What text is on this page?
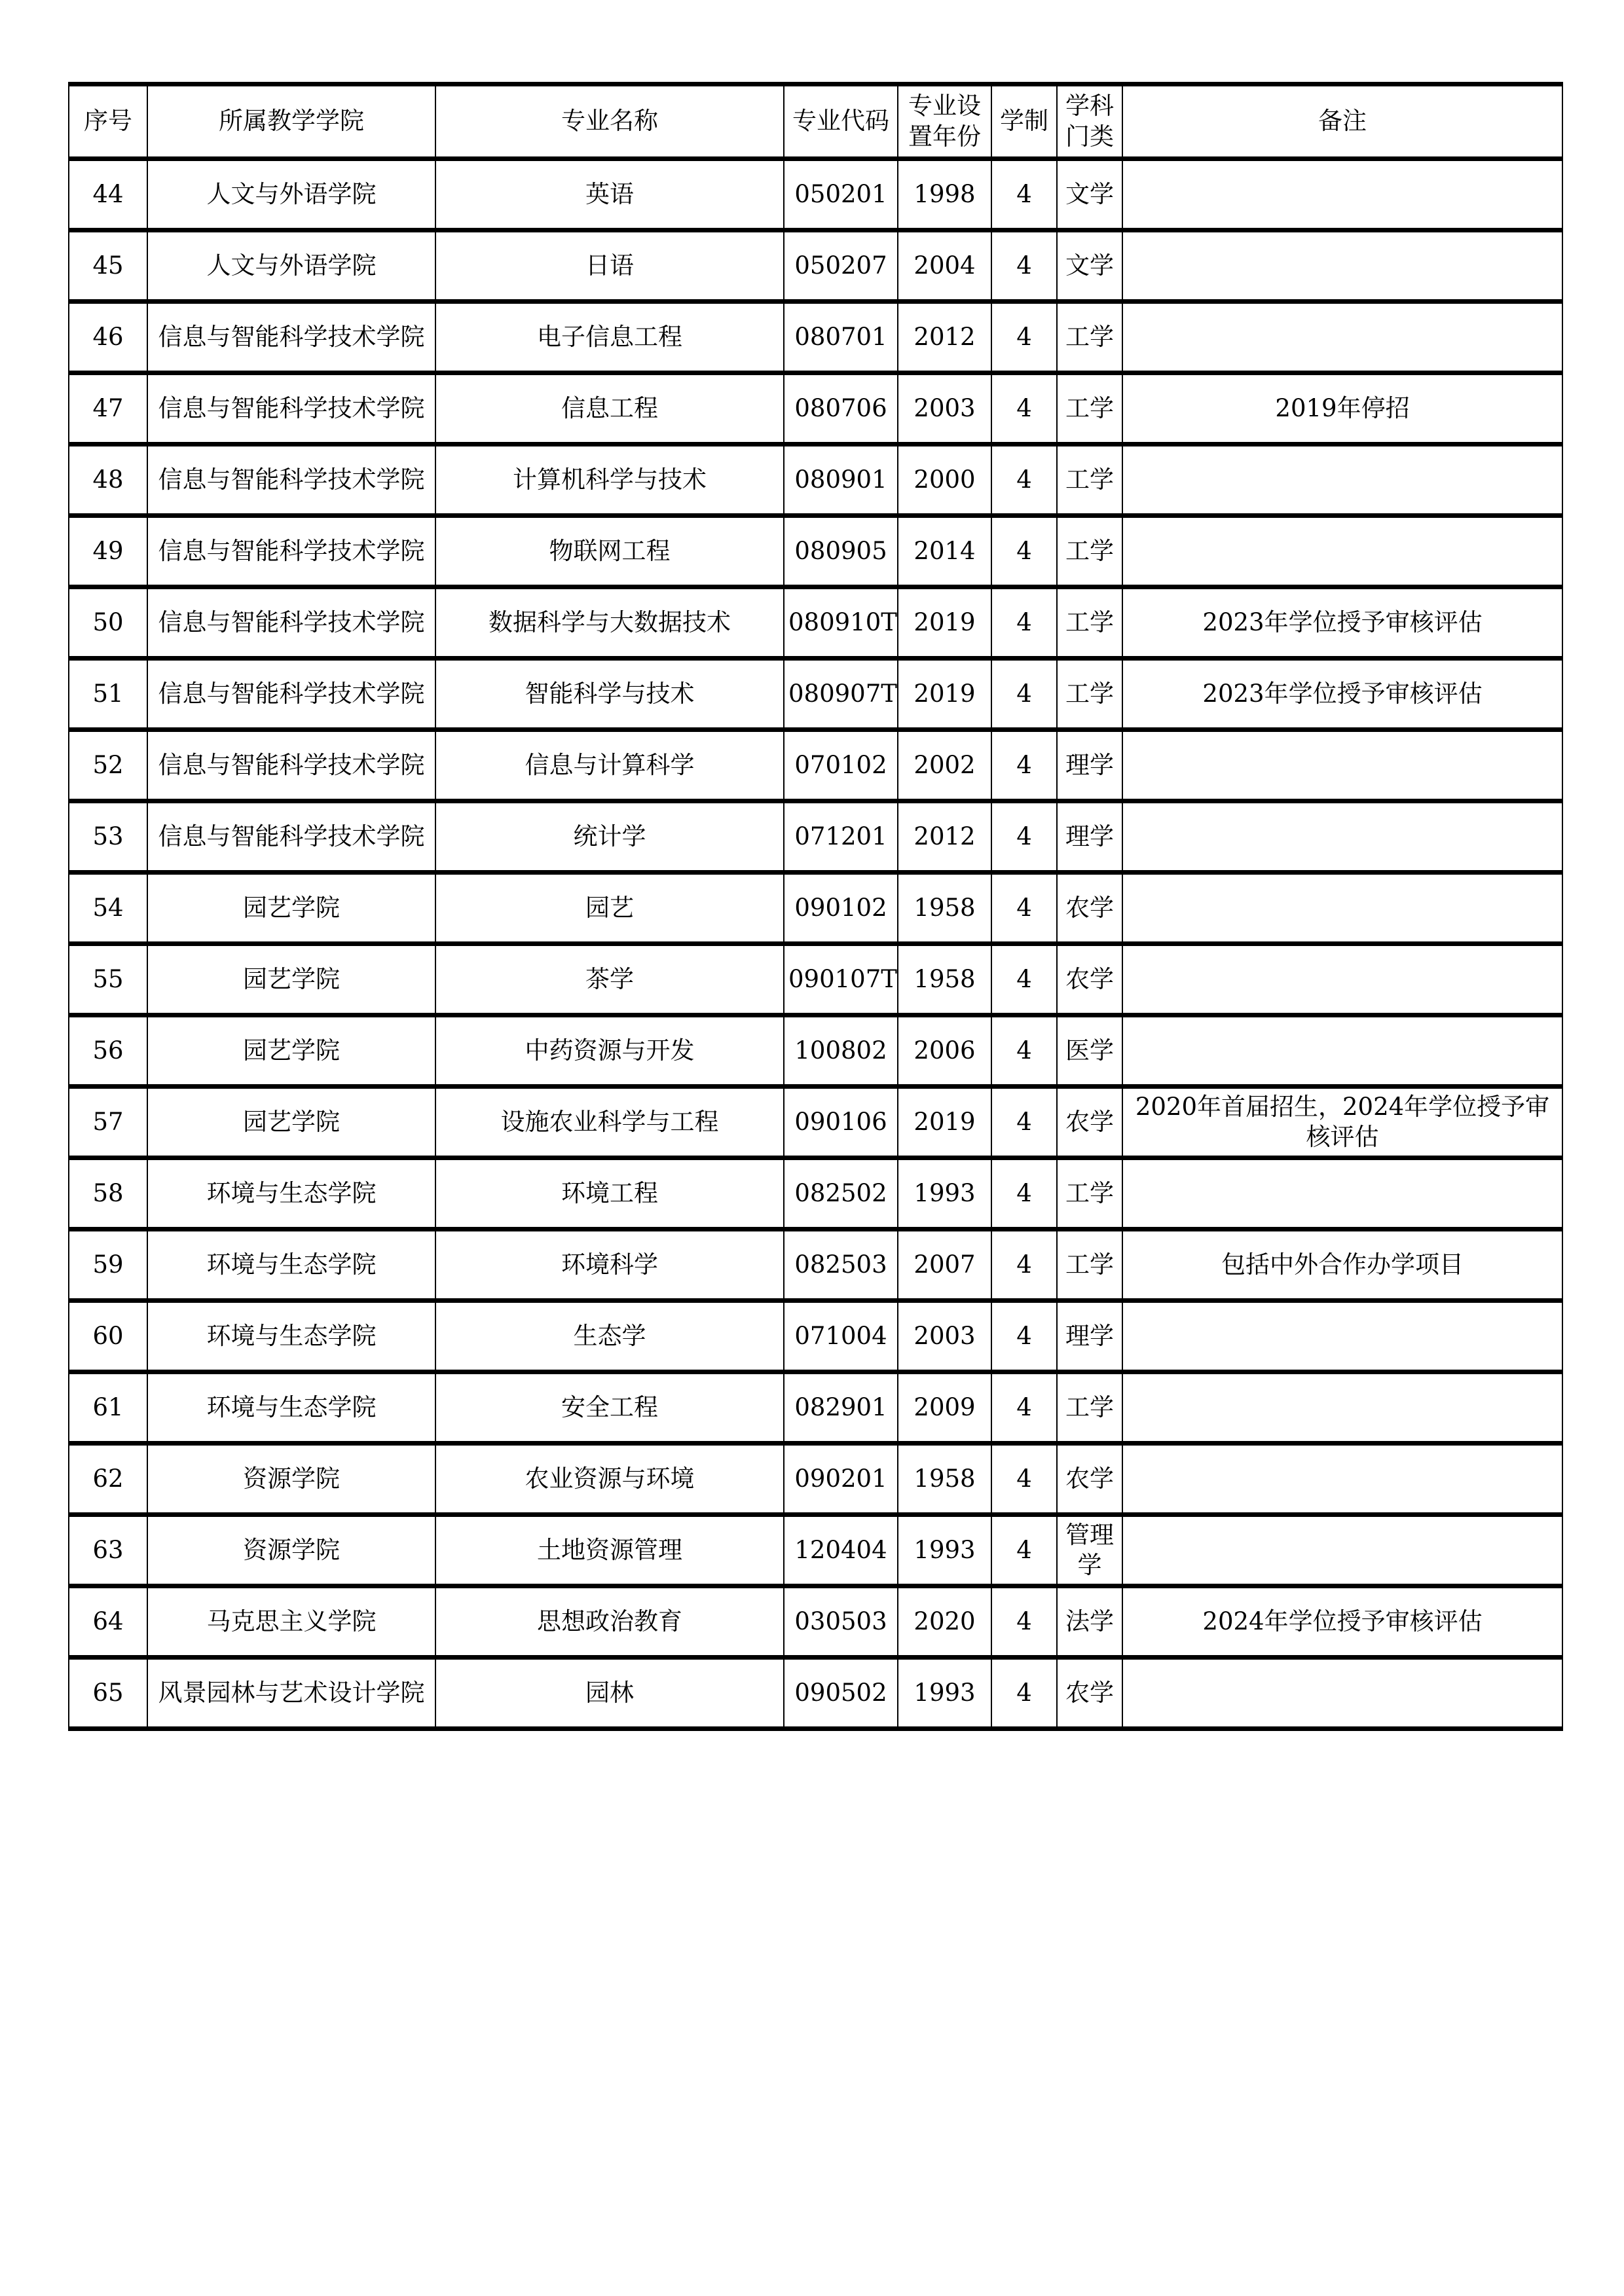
序号	所属教学学院	专业名称	专业代码	专业设置年份	学制	学科门类	备注
44	人文与外语学院	英语	050201	1998	4	文学	
45	人文与外语学院	日语	050207	2004	4	文学	
46	信息与智能科学技术学院	电子信息工程	080701	2012	4	工学	
47	信息与智能科学技术学院	信息工程	080706	2003	4	工学	2019年停招
48	信息与智能科学技术学院	计算机科学与技术	080901	2000	4	工学	
49	信息与智能科学技术学院	物联网工程	080905	2014	4	工学	
50	信息与智能科学技术学院	数据科学与大数据技术	080910T	2019	4	工学	2023年学位授予审核评估
51	信息与智能科学技术学院	智能科学与技术	080907T	2019	4	工学	2023年学位授予审核评估
52	信息与智能科学技术学院	信息与计算科学	070102	2002	4	理学	
53	信息与智能科学技术学院	统计学	071201	2012	4	理学	
54	园艺学院	园艺	090102	1958	4	农学	
55	园艺学院	茶学	090107T	1958	4	农学	
56	园艺学院	中药资源与开发	100802	2006	4	医学	
57	园艺学院	设施农业科学与工程	090106	2019	4	农学	2020年首届招生，2024年学位授予审核评估
58	环境与生态学院	环境工程	082502	1993	4	工学	
59	环境与生态学院	环境科学	082503	2007	4	工学	包括中外合作办学项目
60	环境与生态学院	生态学	071004	2003	4	理学	
61	环境与生态学院	安全工程	082901	2009	4	工学	
62	资源学院	农业资源与环境	090201	1958	4	农学	
63	资源学院	土地资源管理	120404	1993	4	管理学	
64	马克思主义学院	思想政治教育	030503	2020	4	法学	2024年学位授予审核评估
65	风景园林与艺术设计学院	园林	090502	1993	4	农学	
